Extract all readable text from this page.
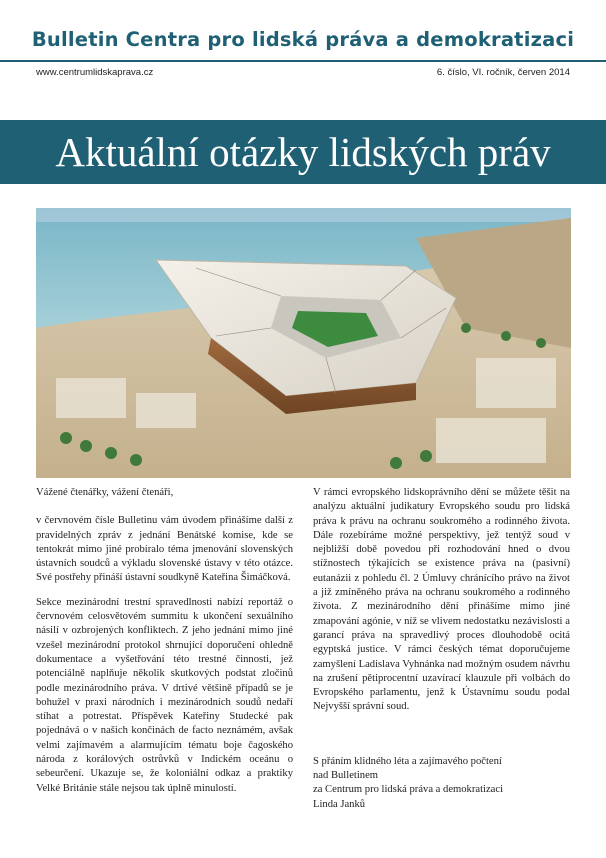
Bulletin Centra pro lidská práva a demokratizaci
www.centrumlidskaprava.cz	6. číslo, VI. ročník, červen 2014
Aktuální otázky lidských práv

Vážené čtenářky, vážení čtenáři,

v červnovém čísle Bulletinu vám úvodem přinášíme další z pravidelných zpráv z jednání Benátské komise, kde se tentokrát mimo jiné probíralo téma jmenování slovenských ústavních soudců a výkladu slovenské ústavy v této otázce. Své postřehy přináší ústavní soudkyně Kateřina Šimáčková.

Sekce mezinárodní trestní spravedlnosti nabízí reportáž o červnovém celosvětovém summitu k ukončení sexuálního násilí v ozbrojených konfliktech. Z jeho jednání mimo jiné vzešel mezinárodní protokol shrnující doporučení ohledně dokumentace a vyšetřování této trestné činnosti, jež potenciálně naplňuje několik skutkových podstat zločinů podle mezinárodního práva. V drtivé většině případů se je bohužel v praxi národních i mezinárodních soudů nedaří stíhat a potrestat. Příspěvek Kateřiny Studecké pak pojednává o v našich končinách de facto neznámém, avšak velmi zajímavém a alarmujícím tématu boje čagoského národa z korálových ostrůvků v Indickém oceánu o sebeurčení. Ukazuje se, že koloniální odkaz a praktiky Velké Británie stále nejsou tak úplně minulostí.

V rámci evropského lidskoprávního dění se můžete těšit na analýzu aktuální judikatury Evropského soudu pro lidská práva k právu na ochranu soukromého a rodinného života. Dále rozebíráme možné perspektivy, jež tentýž soud v nejbližší době povedou při rozhodování hned o dvou stížnostech týkajících se existence práva na (pasivní) eutanázii z pohledu čl. 2 Úmluvy chránícího právo na život a již zmíněného práva na ochranu soukromého a rodinného života. Z mezinárodního dění přinášíme mimo jiné zmapování agónie, v níž se vlivem nedostatku nezávislosti a garancí práva na spravedlivý proces dlouhodobě ocitá egyptská justice. V rámci českých témat doporučujeme zamyšlení Ladislava Vyhnánka nad možným osudem návrhu na zrušení pětiprocentní uzavírací klauzule při volbách do Evropského parlamentu, jenž k Ústavnímu soudu podal Nejvyšší správní soud.

S přáním klidného léta a zajímavého počtení
nad Bulletinem
za Centrum pro lidská práva a demokratizaci
Linda Janků
